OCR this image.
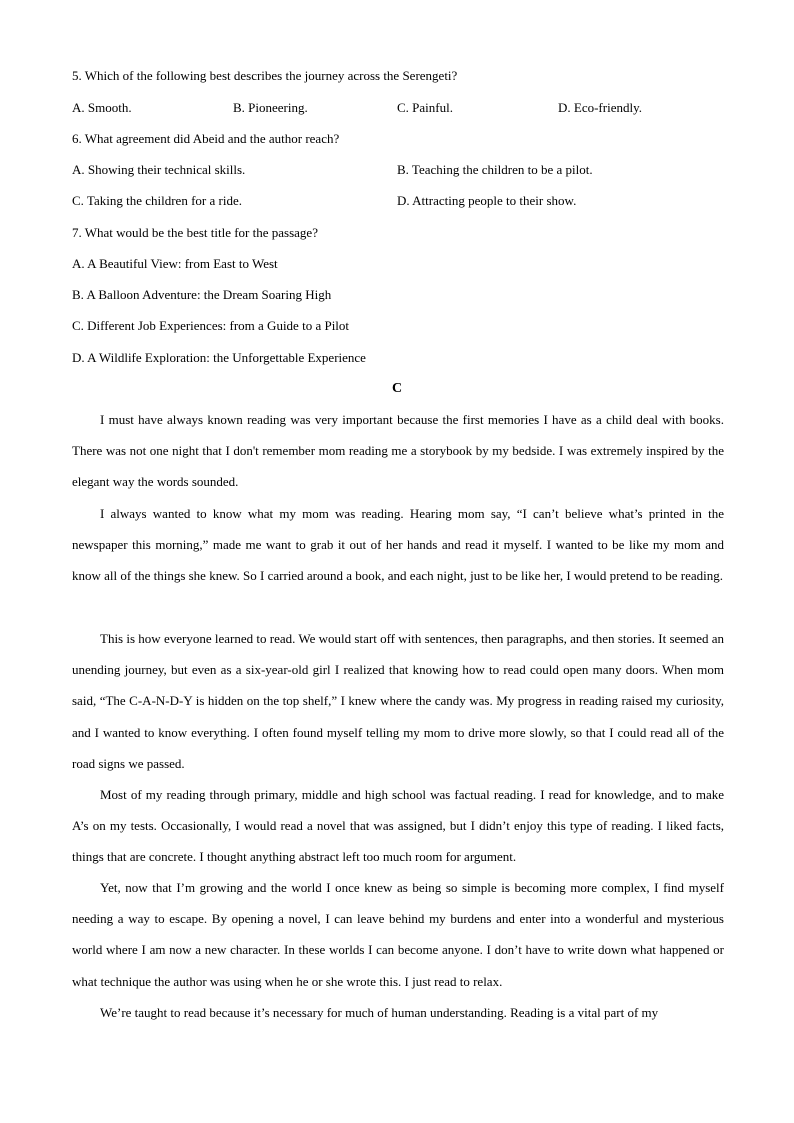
5. Which of the following best describes the journey across the Serengeti?
A. Smooth.	B. Pioneering.	C. Painful.	D. Eco-friendly.
6. What agreement did Abeid and the author reach?
A. Showing their technical skills.	B. Teaching the children to be a pilot.
C. Taking the children for a ride.	D. Attracting people to their show.
7. What would be the best title for the passage?
A. A Beautiful View: from East to West
B. A Balloon Adventure: the Dream Soaring High
C. Different Job Experiences: from a Guide to a Pilot
D. A Wildlife Exploration: the Unforgettable Experience
C

I must have always known reading was very important because the first memories I have as a child deal with books. There was not one night that I don't remember mom reading me a storybook by my bedside. I was extremely inspired by the elegant way the words sounded.

I always wanted to know what my mom was reading. Hearing mom say, “I can’t believe what’s printed in the newspaper this morning,” made me want to grab it out of her hands and read it myself. I wanted to be like my mom and know all of the things she knew. So I carried around a book, and each night, just to be like her, I would pretend to be reading.

This is how everyone learned to read. We would start off with sentences, then paragraphs, and then stories. It seemed an unending journey, but even as a six-year-old girl I realized that knowing how to read could open many doors. When mom said, “The C-A-N-D-Y is hidden on the top shelf,” I knew where the candy was. My progress in reading raised my curiosity, and I wanted to know everything. I often found myself telling my mom to drive more slowly, so that I could read all of the road signs we passed.

Most of my reading through primary, middle and high school was factual reading. I read for knowledge, and to make A’s on my tests. Occasionally, I would read a novel that was assigned, but I didn’t enjoy this type of reading. I liked facts, things that are concrete. I thought anything abstract left too much room for argument.

Yet, now that I’m growing and the world I once knew as being so simple is becoming more complex, I find myself needing a way to escape. By opening a novel, I can leave behind my burdens and enter into a wonderful and mysterious world where I am now a new character. In these worlds I can become anyone. I don’t have to write down what happened or what technique the author was using when he or she wrote this. I just read to relax.

We’re taught to read because it’s necessary for much of human understanding. Reading is a vital part of my
